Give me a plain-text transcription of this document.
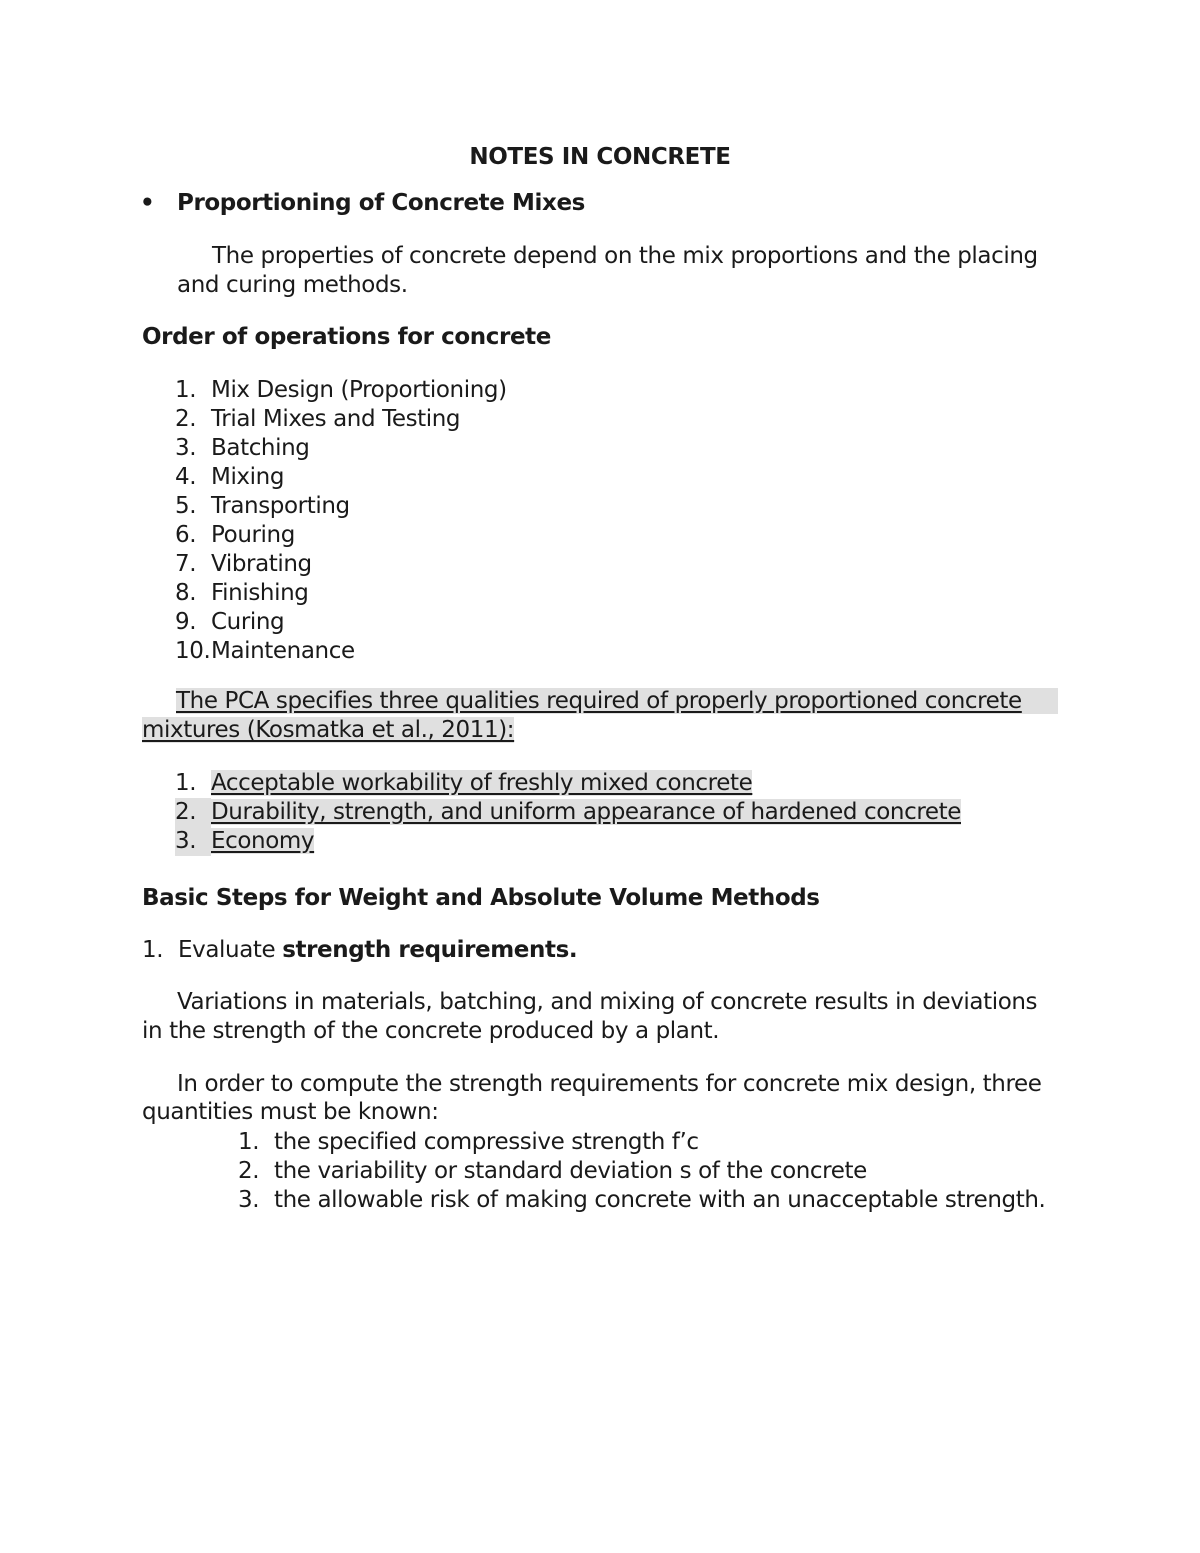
NOTES IN CONCRETE
• Proportioning of Concrete Mixes
The properties of concrete depend on the mix proportions and the placing
and curing methods.
Order of operations for concrete
1. Mix Design (Proportioning)
2. Trial Mixes and Testing
3. Batching
4. Mixing
5. Transporting
6. Pouring
7. Vibrating
8. Finishing
9. Curing
10.Maintenance
The PCA specifies three qualities required of properly proportioned concrete
mixtures (Kosmatka et al., 2011):
1. Acceptable workability of freshly mixed concrete
2. Durability, strength, and uniform appearance of hardened concrete
3. Economy
Basic Steps for Weight and Absolute Volume Methods
1. Evaluate strength requirements.
Variations in materials, batching, and mixing of concrete results in deviations
in the strength of the concrete produced by a plant.
In order to compute the strength requirements for concrete mix design, three
quantities must be known:
1. the specified compressive strength f’c
2. the variability or standard deviation s of the concrete
3. the allowable risk of making concrete with an unacceptable strength.
